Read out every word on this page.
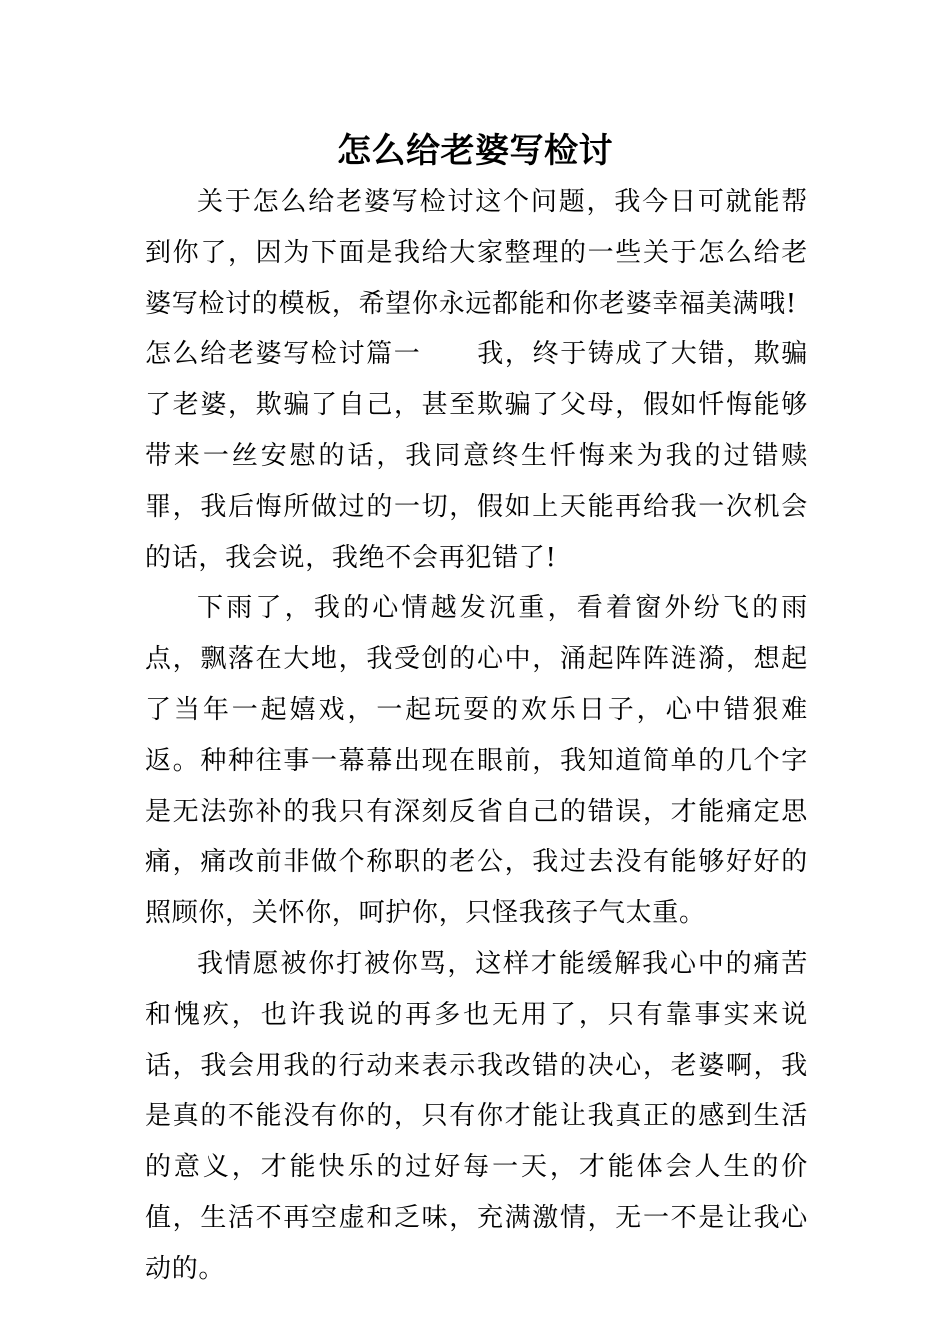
怎么给老婆写检讨

关于怎么给老婆写检讨这个问题，我今日可就能帮到你了，因为下面是我给大家整理的一些关于怎么给老婆写检讨的模板，希望你永远都能和你老婆幸福美满哦!

怎么给老婆写检讨篇一 我，终于铸成了大错，欺骗了老婆，欺骗了自己，甚至欺骗了父母，假如忏悔能够带来一丝安慰的话，我同意终生忏悔来为我的过错赎罪，我后悔所做过的一切，假如上天能再给我一次机会的话，我会说，我绝不会再犯错了!

下雨了，我的心情越发沉重，看着窗外纷飞的雨点，飘落在大地，我受创的心中，涌起阵阵涟漪，想起了当年一起嬉戏，一起玩耍的欢乐日子，心中错狠难返。种种往事一幕幕出现在眼前，我知道简单的几个字是无法弥补的我只有深刻反省自己的错误，才能痛定思痛，痛改前非做个称职的老公，我过去没有能够好好的照顾你，关怀你，呵护你，只怪我孩子气太重。

我情愿被你打被你骂，这样才能缓解我心中的痛苦和愧疚，也许我说的再多也无用了，只有靠事实来说话，我会用我的行动来表示我改错的决心，老婆啊，我是真的不能没有你的，只有你才能让我真正的感到生活的意义，才能快乐的过好每一天，才能体会人生的价值，生活不再空虚和乏味，充满激情，无一不是让我心动的。
